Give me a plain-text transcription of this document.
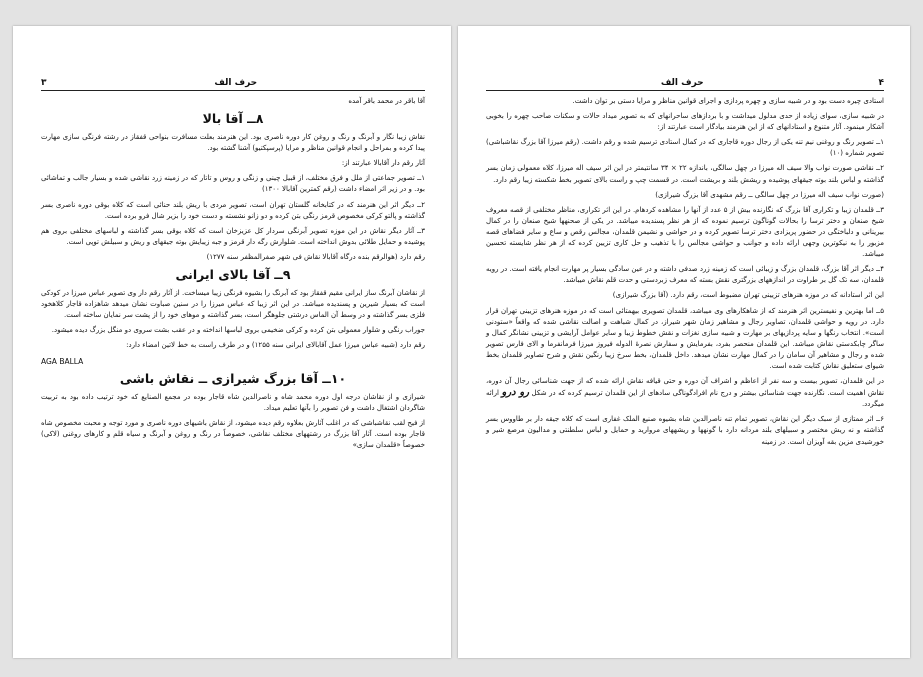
۳	حرف الف

آقا باقر در محمد باقر آمده

۸ــ آقا بالا

نقاش زیبا نگار و آبرنگ و رنگ و روغن کار دوره ناصری بود. این هنرمند بعلت مسافرت بنواحی قفقاز در رشته فرنگی سازی مهارت پیدا کرده و بمراحل و انجام قوانین مناظر و مرایا (پرسپکتیو) آشنا گشته بود.

آثار رقم دار آقابالا عبارتند از:

۱ــ تصویر جماعتی از ملل و فرق مختلف، از قبیل چینی و زنگی و روس و تاتار که در زمینه زرد نقاشی شده و بسیار جالب و تماشائی بود. و در زیر اثر امضاء داشت (رقم کمترین آقابالا ۱۳۰۰)

۲ــ دیگر اثر این هنرمند که در کتابخانه گلستان تهران است، تصویر مردی با ریش بلند حنائی است که کلاه بوقی دوره ناصری بسر گذاشته و پالتو کرکی مخصوص قرمز رنگی بتن کرده و دو زانو نشسته و دست خود را بزیر شال فرو برده است.

۳ــ آثار دیگر نقاش در این موزه تصویر آبرنگی سردار کل عزیزخان است که کلاه بوقی بسر گذاشته و لباسهای مختلفی بروی هم پوشیده و حمایل طلائی بدوش انداخته است. شلوارش رگه دار قرمز و جبه زیبایش بوته جیقهای و ریش و سبیلش توپی است.

رقم دارد (هوالرقم بنده درگاه آقابالا نقاش فی شهر صفرالمظفر سنه ۱۲۷۷)

۹ــ آقا بالای ایرانی

از نقاشان آبرنگ ساز ایرانی مقیم قفقاز بود که آبرنگ را بشیوه فرنگی زیبا میساخت. از آثار رقم دار وی تصویر عباس میرزا در کودکی است که بسیار شیرین و پسندیده میباشد. در این اثر زیبا که عباس میرزا را در سنین صباوت نشان میدهد شاهزاده قاجار کلاهخود فلزی بسر گذاشته و در وسط آن الماس درشتی جلوهگر است، بسر گذاشته و موهای خود را از پشت سر نمایان ساخته است.

جوراب رنگی و شلوار معمولی بتن کرده و کرکی ضخیمی بروی لباسها انداخته و در عقب بشت سروی دو منگل بزرگ دیده میشود.

رقم دارد (شبیه عباس میرزا عمل آقابالای ایرانی سنه ۱۲۵۵) و در طرف راست به خط لاتین امضاء دارد:

AGA BALLA

۱۰ــ آقا بزرگ شیرازی ــ نقاش باشی

شیرازی و از نقاشان درجه اول دوره محمد شاه و ناصرالدین شاه قاجار بوده در مجمع الصنایع که خود ترتیب داده بود به تربیت شاگردان اشتغال داشت و فن تصویر را بآنها تعلیم میداد.

از فیح لقب نقاشباشی که در اغلب آثارش بعلاوه رقم دیده میشود، از نقاش باشیهای دوره ناصری و مورد توجه و محبت مخصوص شاه قاجار بوده است. آثار آقا بزرگ در رشتههای مختلف نقاشی، خصوصاً در رنگ و روغن و آبرنگ و سیاه قلم و کارهای روغنی (لاکی) خصوصاً «قلمدان سازی»

حرف الف	۴

استادی چیره دست بود و در شبیه سازی و چهره پردازی و اجرای قوانین مناظر و مرایا دستی بر توان داشت.

در شبیه سازی، سوای زیاده از حدی مدلول میداشت و با بردازهای ساحرانهای که به تصویر میداد حالات و سکنات صاحب چهره را بخوبی آشکار مینمود. آثار متنوع و استادانهای که از این هنرمند بیادگار است عبارتند از:

۱ــ تصویر رنگ و روغنی نیم تنه یکی از رجال دوره قاجاری که در کمال استادی ترسیم شده و رقم داشت. (رقم میرزا آقا بزرگ نقاشباشی) تصویر شماره (۱۰)

۲ــ نقاشی صورت نواب والا سیف اله میرزا در چهل سالگی، باندازه ۲۲ × ۳۴ سانتیمتر در این اثر سیف اله میرزا، کلاه معمولی زمان بسر گذاشته و لباس بلند بوته جیقهای پوشیده و ریشش بلند و بریشت است. در قسمت چپ و راست بالای تصویر بخط شکسته زیبا رقم دارد.

(صورت نواب سیف اله میرزا در چهل سالگی ــ رقم مشهدی آقا بزرگ شیرازی)

۳ــ قلمدان زیبا و تکراری آقا بزرگ که نگارنده بیش از ۵ عدد از آنها را مشاهده کردهام. در این اثر تکراری، مناظر مختلفی از قصه معروف شیخ صنعان و دختر ترسا را بحالات گوناگون ترسیم نموده که از هر نظر پسندیده میباشد. در یکی از صحنهها شیخ صنعان را در کمال بیرینانی و دلباختگی در حضور پریزادی دختر ترسا تصویر کرده و در حواشی و نشیمن قلمدان، مجالس رقص و ساع و سایر فضاهای قصه مزبور را به نیکوترین وجهی ارائه داده و جوانب و حواشی مجالس را با تذهیب و حل کاری تزیین کرده که از هر نظر شایسته تحسین میباشد.

۴ــ دیگر اثر آقا بزرگ، قلمدان بزرگ و زیبائی است که زمینه زرد صدفی داشته و در عین سادگی بسیار پر مهارت انجام یافته است. در رویه قلمدان، سه تک گل بر طراوت در اندازههای بزرگتری نقش بسته که معرف زبردستی و حدت قلم نقاش میباشد.

این اثر استادانه که در موزه هنرهای تزیینی تهران مضبوط است، رقم دارد. (آقا بزرگ شیرازی)

۵ــ اما بهترین و نفیسترین اثر هنرمند که از شاهکارهای وی میباشد، قلمدان تصویری بیهمتائی است که در موزه هنرهای تزیینی تهران قرار دارد. در رویه و حواشی قلمدان، تصاویر رجال و مشاهیر زمان شهر شیراز، در کمال شباهت و اصالت نقاشی شده که واقعاً «ستودنی است». انتخاب رنگها و سایه پردازیهای بر مهارت و شبیه سازی نغزات و نقش خطوط زیبا و سایر عوامل آرایشی و تزیینی نشانگر کمال و ساگر چابکدستی نقاش میباشد. این قلمدان منحصر بفرد، بفرمایش و سفارش نصرهٔ الدوله فیروز میرزا فرمانفرما و الای فارس تصویر شده و رجال و مشاهیر آن سامان را در کمال مهارت نشان میدهد. داخل قلمدان، بخط سرخ زیبا رنگین نقش و شرح تصاویر قلمدان بخط شیوای ستعلیق نقاش کتابت شده است.

در این قلمدان، تصویر بیست و سه نفر از اعاظم و اشراف آن دوره و حتی قیافه نقاش ارائه شده که از جهت شناسائی رجال آن دوره، نقاش اهمیت است. نگارنده جهت شناسائی بیشتر و درج نام افرادگوناگی سادهای از این قلمدان ترسیم کرده که در شکل رو درو ارائه میگردد.

۶ــ اثر ممتازی از سبک دیگر این نقاش، تصویر تمام تنه ناصرالدین شاه بشیوه صنیع الملک غفاری است که کلاه جیقه دار بر طاووس بسر گذاشته و نه ریش مختصر و سبیلهای بلند مردانه دارد با گونهها و ریشههای مروارید و حمایل و لباس سلطنتی و مدالیون مرصع شیر و خورشیدی مزین بقه آویزان است. در زمینه
